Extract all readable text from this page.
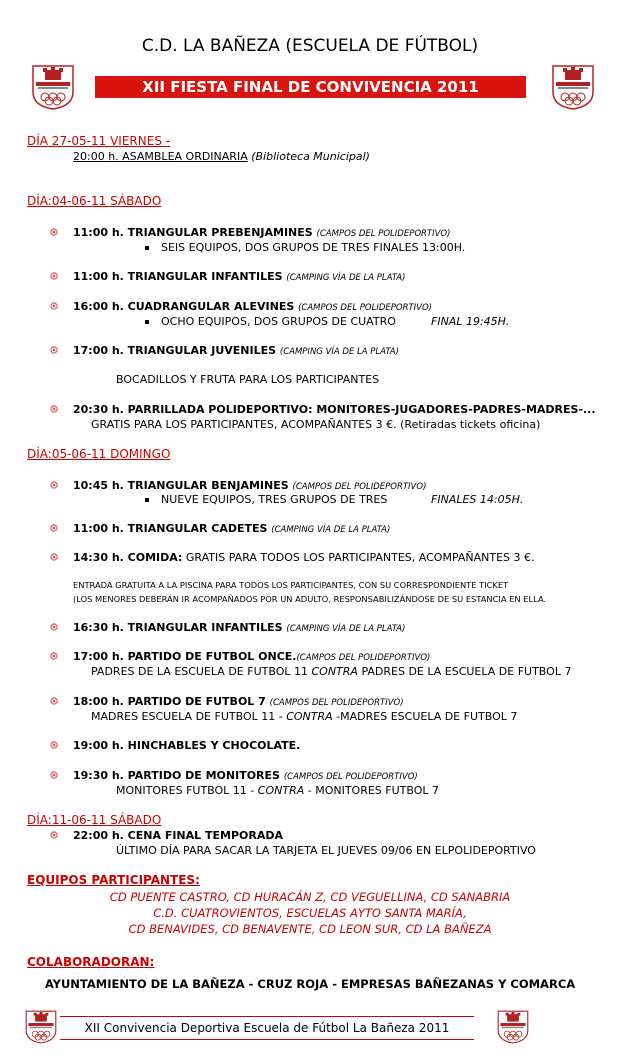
C.D. LA BAÑEZA (ESCUELA DE FÚTBOL)
XII FIESTA FINAL DE CONVIVENCIA 2011
DÍA 27-05-11 VIERNES -
20:00 h. ASAMBLEA ORDINARIA (Biblioteca Municipal)
DÍA:04-06-11 SÁBADO
11:00 h. TRIANGULAR PREBENJAMINES (CAMPOS DEL POLIDEPORTIVO)
SEIS EQUIPOS, DOS GRUPOS DE TRES FINALES 13:00H.
11:00 h. TRIANGULAR INFANTILES (CAMPING VÍA DE LA PLATA)
16:00 h. CUADRANGULAR ALEVINES (CAMPOS DEL POLIDEPORTIVO)
OCHO EQUIPOS, DOS GRUPOS DE CUATRO	FINAL 19:45H.
17:00 h. TRIANGULAR JUVENILES (CAMPING VÍA DE LA PLATA)
BOCADILLOS Y FRUTA PARA LOS PARTICIPANTES
20:30 h. PARRILLADA POLIDEPORTIVO: MONITORES-JUGADORES-PADRES-MADRES-...
GRATIS PARA LOS PARTICIPANTES, ACOMPAÑANTES 3 €. (Retiradas tickets oficina)
DÍA:05-06-11 DOMINGO
10:45 h. TRIANGULAR BENJAMINES (CAMPOS DEL POLIDEPORTIVO)
NUEVE EQUIPOS, TRES GRUPOS DE TRES	FINALES 14:05H.
11:00 h. TRIANGULAR CADETES (CAMPING VÍA DE LA PLATA)
14:30 h. COMIDA: GRATIS PARA TODOS LOS PARTICIPANTES, ACOMPAÑANTES 3 €.
ENTRADA GRATUITA A LA PISCINA PARA TODOS LOS PARTICIPANTES, CON SU CORRESPONDIENTE TICKET
(LOS MENORES DEBERÁN IR ACOMPAÑADOS POR UN ADULTO, RESPONSABILIZÁNDOSE DE SU ESTANCIA EN ELLA.
16:30 h. TRIANGULAR INFANTILES (CAMPING VÍA DE LA PLATA)
17:00 h. PARTIDO DE FUTBOL ONCE.(CAMPOS DEL POLIDEPORTIVO)
PADRES DE LA ESCUELA DE FUTBOL 11 CONTRA PADRES DE LA ESCUELA DE FUTBOL 7
18:00 h. PARTIDO DE FUTBOL 7 (CAMPOS DEL POLIDEPORTIVO)
MADRES ESCUELA DE FUTBOL 11 - CONTRA -MADRES ESCUELA DE FUTBOL 7
19:00 h. HINCHABLES Y CHOCOLATE.
19:30 h. PARTIDO DE MONITORES (CAMPOS DEL POLIDEPORTIVO)
MONITORES FUTBOL 11 - CONTRA - MONITORES FUTBOL 7
DÍA:11-06-11 SÁBADO
22:00 h. CENA FINAL TEMPORADA
ÚLTIMO DÍA PARA SACAR LA TARJETA EL JUEVES 09/06 EN ELPOLIDEPORTIVO
EQUIPOS PARTICIPANTES:
CD PUENTE CASTRO, CD HURACÁN Z, CD VEGUELLINA, CD SANABRIA
C.D. CUATROVIENTOS, ESCUELAS AYTO SANTA MARÍA,
CD BENAVIDES, CD BENAVENTE, CD LEON SUR, CD LA BAÑEZA
COLABORADORAN:
AYUNTAMIENTO DE LA BAÑEZA - CRUZ ROJA - EMPRESAS BAÑEZANAS Y COMARCA
XII Convivencia Deportiva Escuela de Fútbol La Bañeza 2011
